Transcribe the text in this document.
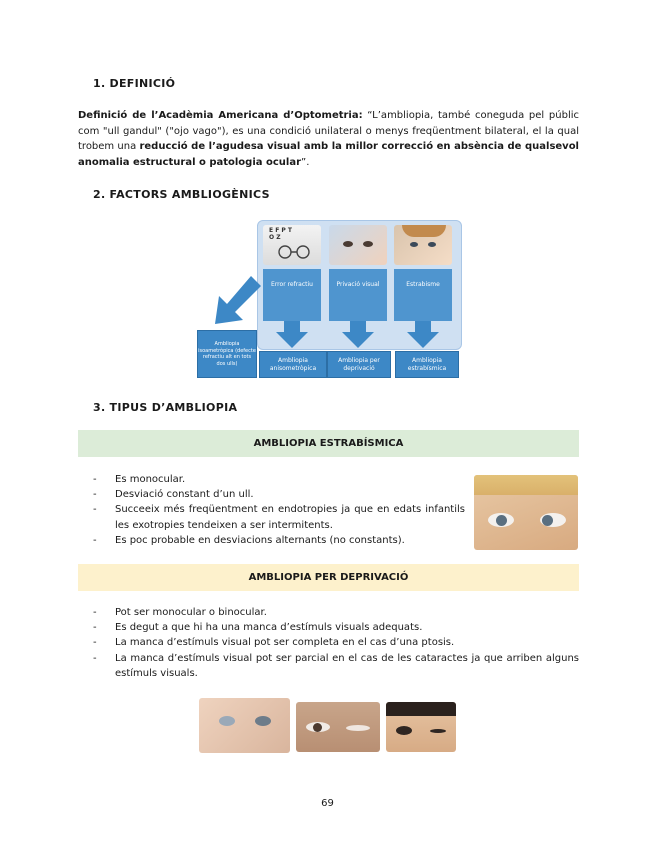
1. DEFINICIÓ
Definició de l’Acadèmia Americana d’Optometria: “L’ambliopia, també coneguda pel públic com "ull gandul" ("ojo vago"), es una condició unilateral o menys freqüentment bilateral, el la qual trobem una reducció de l’agudesa visual amb la millor correcció en absència de qualsevol anomalia estructural o patologia ocular”.
2. FACTORS AMBLIOGÈNICS
E F P T O Z
Error refractiu	Privació visual	Estrabisme
Ambliopia anisometròpica
Ambliopia per deprivació
Ambliopia estrabísmica
Ambliopia isoametròpica (defecte refractiu alt en tots dos ulls)
3. TIPUS D’AMBLIOPIA
AMBLIOPIA ESTRABÍSMICA
- Es monocular.
- Desviació constant d’un ull.
- Succeeix més freqüentment en endotropies ja que en edats infantils les exotropies tendeixen a ser intermitents.
- Es poc probable en desviacions alternants (no constants).
AMBLIOPIA PER DEPRIVACIÓ
- Pot ser monocular o binocular.
- Es degut a que hi ha una manca d’estímuls visuals adequats.
- La manca d’estímuls visual pot ser completa en el cas d’una ptosis.
- La manca d’estímuls visual pot ser parcial en el cas de les cataractes ja que arriben alguns estímuls visuals.
69
